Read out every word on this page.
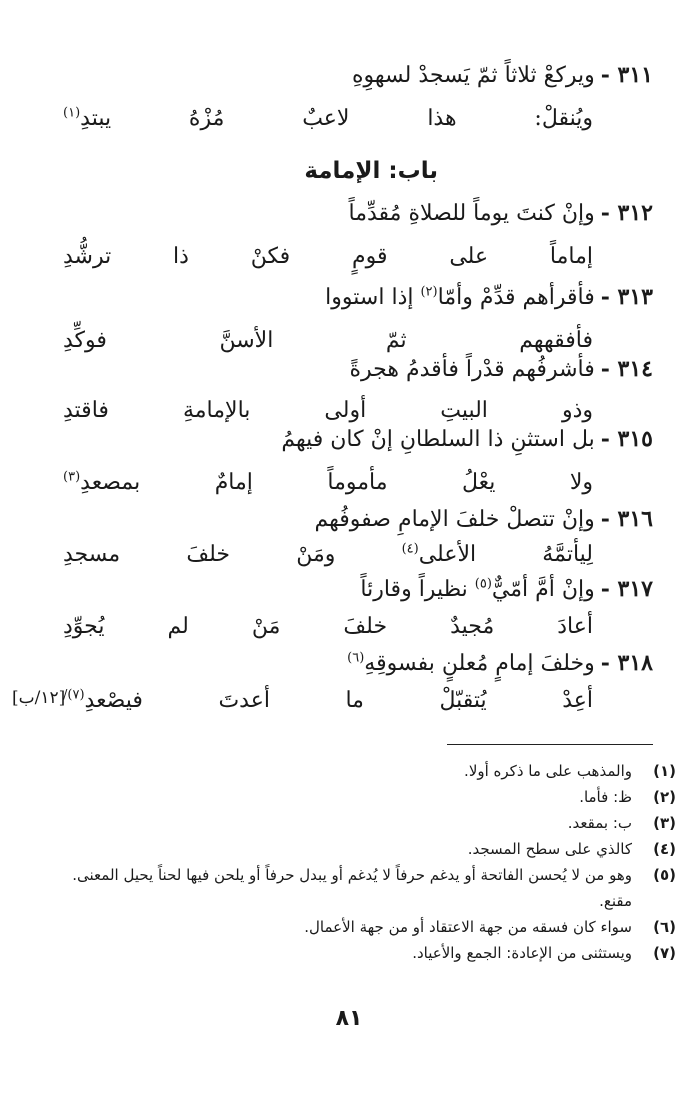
٣١١ -ويركعْ ثلاثاً ثمّ يَسجدْ لسهوِهِ
ويُنقلْ: هذا لاعبٌ مُزْهُ يبتدِ$^{(١)}$
باب: الإمامة
٣١٢ -وإنْ كنتَ يوماً للصلاةِ مُقدِّماً
إماماً على قومٍ فكنْ ذا ترشُّدِ
٣١٣ -فأقرأهم قدِّمْ وأمّا$^{(٢)}$ إذا استووا
فأفقههم ثمّ الأسنَّ فوكِّدِ
٣١٤ -فأشرفُهم قدْراً فأقدمُ هجرةً
وذو البيتِ أولى بالإمامةِ فاقتدِ
٣١٥ -بل استثنِ ذا السلطانِ إنْ كان فيهمُ
ولا يعْلُ مأموماً إمامٌ بمصعدِ$^{(٣)}$
٣١٦ -وإنْ تتصلْ خلفَ الإمامِ صفوفُهم
لِيأتمَّهُ الأعلى$^{(٤)}$ ومَنْ خلفَ مسجدِ
٣١٧ -وإنْ أمَّ أمّيٌّ$^{(٥)}$ نظيراً وقارئاً
أعادَ مُجيدٌ خلفَ مَنْ لم يُجوِّدِ
٣١٨ -وخلفَ إمامٍ مُعلنٍ بفسوقِهِ$^{(٦)}$
أعِدْ يُتقبّلْ ما أعدتَ فيصْعدِ$^{(٧)/}$
[١٢/ب]
(١)
والمذهب على ما ذكره أولا.
(٢)
ظ: فأما.
(٣)
ب: بمقعد.
(٤)
كالذي على سطح المسجد.
(٥)
وهو من لا يُحسن الفاتحة أو يدغم حرفاً لا يُدغم أو يبدل حرفاً أو يلحن فيها لحناً يحيل المعنى. مقنع.
(٦)
سواء كان فسقه من جهة الاعتقاد أو من جهة الأعمال.
(٧)
ويستثنى من الإعادة: الجمع والأعياد.
٨١
